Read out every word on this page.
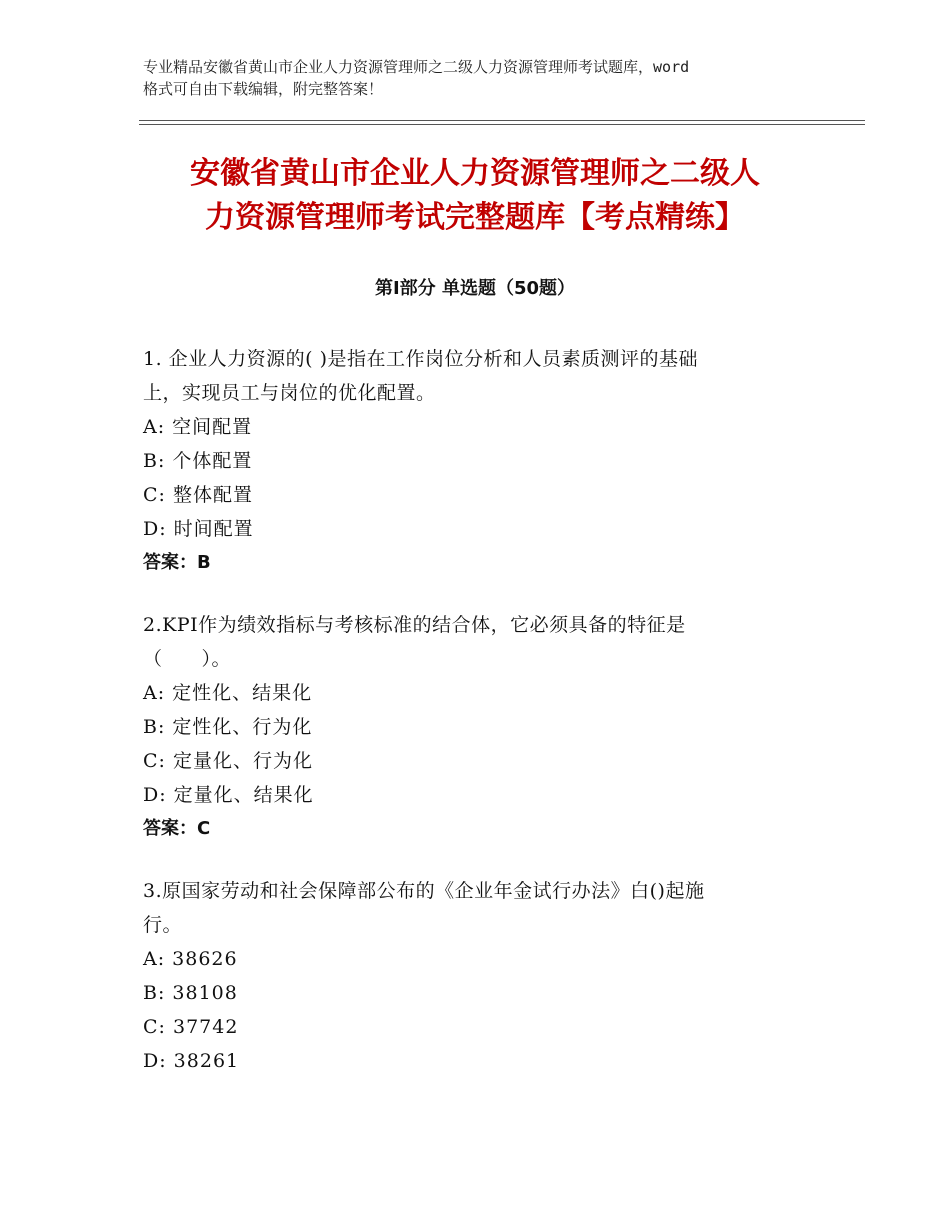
专业精品安徽省黄山市企业人力资源管理师之二级人力资源管理师考试题库，word
格式可自由下载编辑，附完整答案！
安徽省黄山市企业人力资源管理师之二级人
力资源管理师考试完整题库【考点精练】
第Ⅰ部分 单选题（50题）
1. 企业人力资源的( )是指在工作岗位分析和人员素质测评的基础
上，实现员工与岗位的优化配置。
A: 空间配置
B: 个体配置
C: 整体配置
D: 时间配置
答案：B
2.KPI作为绩效指标与考核标准的结合体，它必须具备的特征是
（　　）。
A: 定性化、结果化
B: 定性化、行为化
C: 定量化、行为化
D: 定量化、结果化
答案：C
3.原国家劳动和社会保障部公布的《企业年金试行办法》白()起施
行。
A: 38626
B: 38108
C: 37742
D: 38261
